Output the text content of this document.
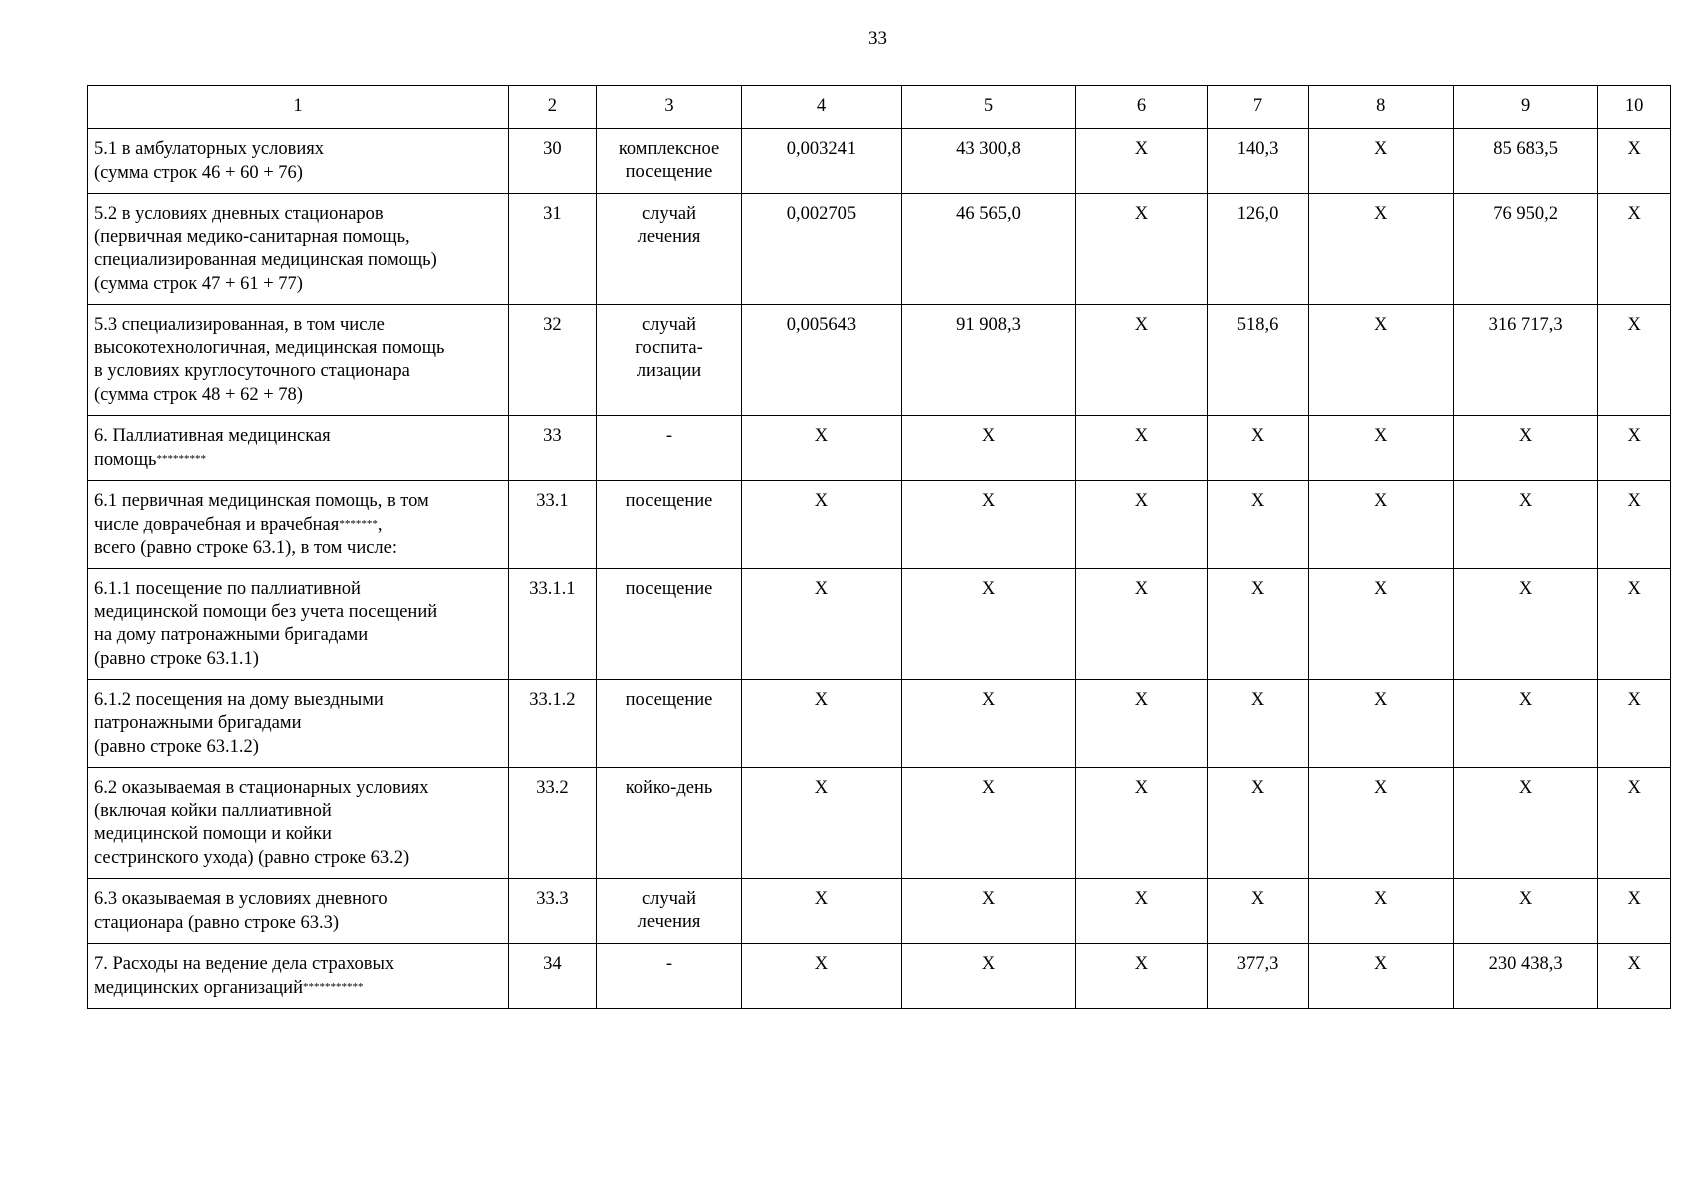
33
1	2	3	4	5	6	7	8	9	10
5.1 в амбулаторных условиях
(сумма строк 46 + 60 + 76)	30	комплексное
посещение	0,003241	43 300,8	Х	140,3	Х	85 683,5	Х
5.2 в условиях дневных стационаров
(первичная медико-санитарная помощь,
специализированная медицинская помощь)
(сумма строк 47 + 61 + 77)	31	случай
лечения	0,002705	46 565,0	Х	126,0	Х	76 950,2	Х
5.3 специализированная, в том числе
высокотехнологичная, медицинская помощь
в условиях круглосуточного стационара
(сумма строк 48 + 62 + 78)	32	случай
госпита-
лизации	0,005643	91 908,3	Х	518,6	Х	316 717,3	Х
6. Паллиативная медицинская
помощь*********	33	-	Х	Х	Х	Х	Х	Х	Х
6.1 первичная медицинская помощь, в том
числе доврачебная и врачебная*******,
всего (равно строке 63.1), в том числе:	33.1	посещение	Х	Х	Х	Х	Х	Х	Х
6.1.1 посещение по паллиативной
медицинской помощи без учета посещений
на дому патронажными бригадами
(равно строке 63.1.1)	33.1.1	посещение	Х	Х	Х	Х	Х	Х	Х
6.1.2 посещения на дому выездными
патронажными бригадами
(равно строке 63.1.2)	33.1.2	посещение	Х	Х	Х	Х	Х	Х	Х
6.2 оказываемая в стационарных условиях
(включая койки паллиативной
медицинской помощи и койки
сестринского ухода) (равно строке 63.2)	33.2	койко-день	Х	Х	Х	Х	Х	Х	Х
6.3 оказываемая в условиях дневного
стационара (равно строке 63.3)	33.3	случай
лечения	Х	Х	Х	Х	Х	Х	Х
7. Расходы на ведение дела страховых
медицинских организаций***********	34	-	Х	Х	Х	377,3	Х	230 438,3	Х
